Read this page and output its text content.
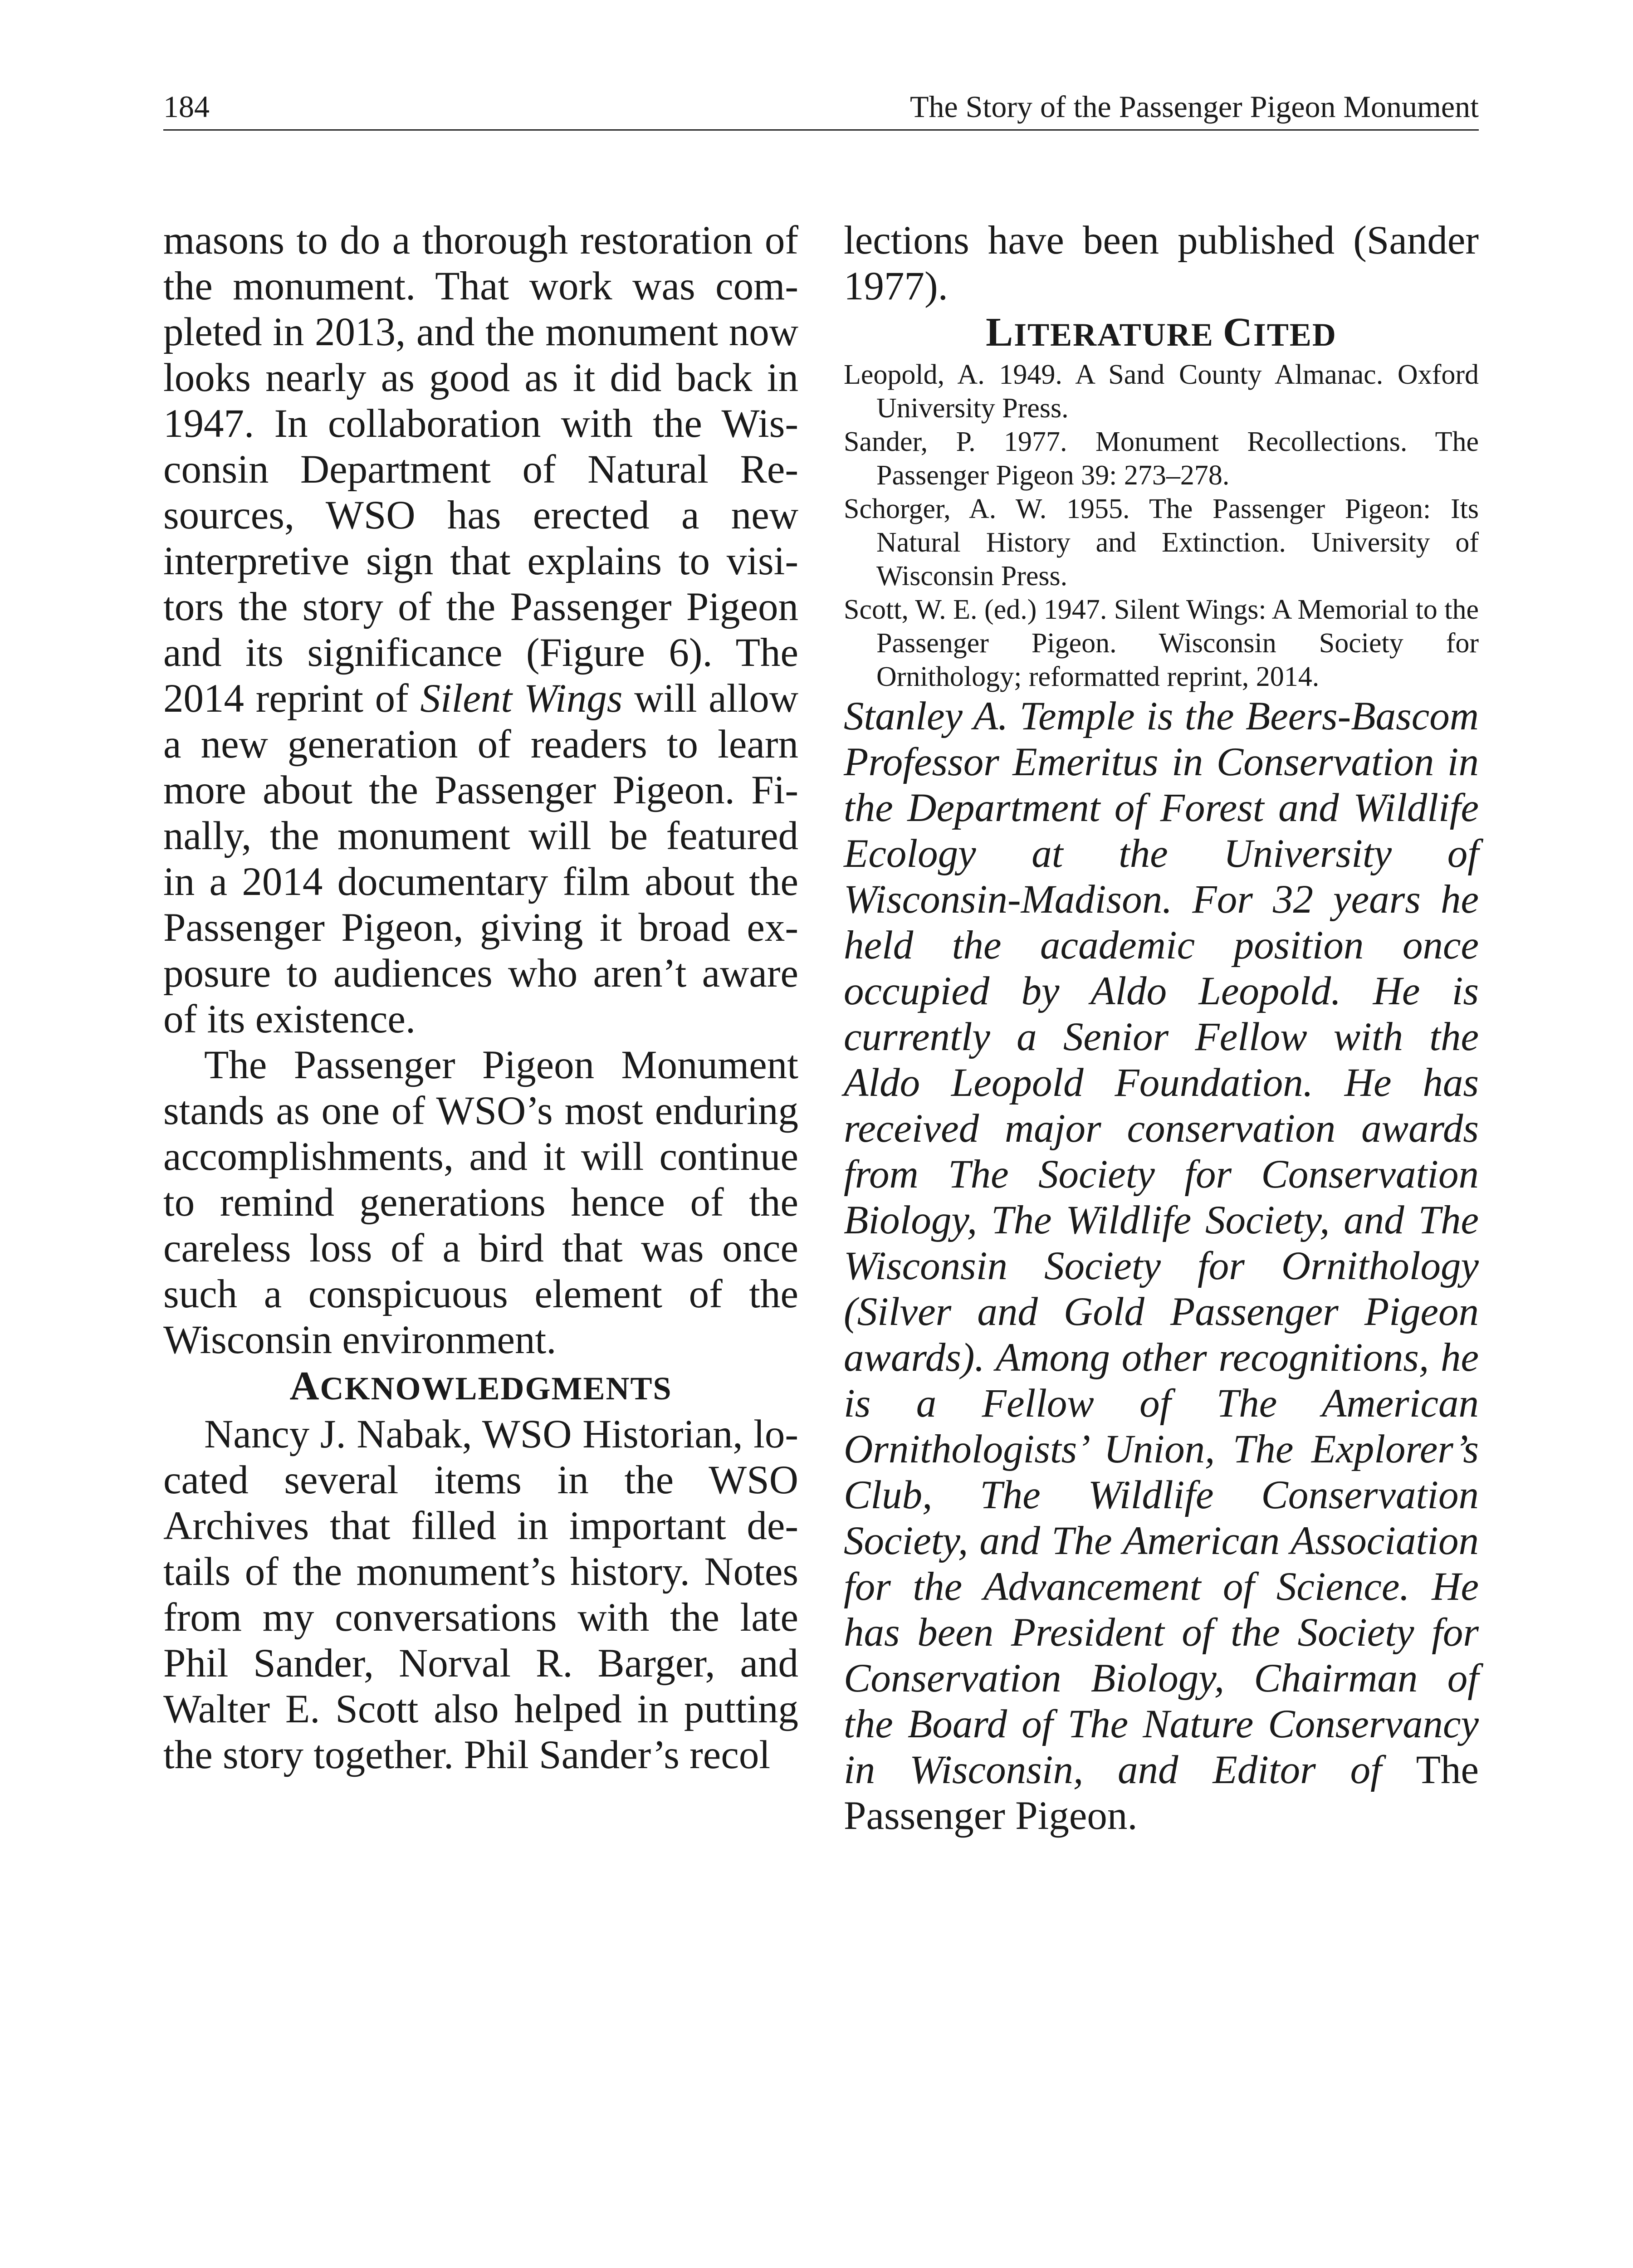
184	The Story of the Passenger Pigeon Monument

masons to do a thorough restoration of the monument. That work was completed in 2013, and the monument now looks nearly as good as it did back in 1947. In collaboration with the Wisconsin Department of Natural Resources, WSO has erected a new interpretive sign that explains to visitors the story of the Passenger Pigeon and its significance (Figure 6). The 2014 reprint of Silent Wings will allow a new generation of readers to learn more about the Passenger Pigeon. Finally, the monument will be featured in a 2014 documentary film about the Passenger Pigeon, giving it broad exposure to audiences who aren’t aware of its existence.

The Passenger Pigeon Monument stands as one of WSO’s most enduring accomplishments, and it will continue to remind generations hence of the careless loss of a bird that was once such a conspicuous element of the Wisconsin environment.

ACKNOWLEDGMENTS

Nancy J. Nabak, WSO Historian, located several items in the WSO Archives that filled in important details of the monument’s history. Notes from my conversations with the late Phil Sander, Norval R. Barger, and Walter E. Scott also helped in putting the story together. Phil Sander’s recol

lections have been published (Sander 1977).

LITERATURE CITED

Leopold, A. 1949. A Sand County Almanac. Oxford University Press.

Sander, P. 1977. Monument Recollections. The Passenger Pigeon 39: 273–278.

Schorger, A. W. 1955. The Passenger Pigeon: Its Natural History and Extinction. University of Wisconsin Press.

Scott, W. E. (ed.) 1947. Silent Wings: A Memorial to the Passenger Pigeon. Wisconsin Society for Ornithology; reformatted reprint, 2014.

Stanley A. Temple is the Beers-Bascom Professor Emeritus in Conservation in the Department of Forest and Wildlife Ecology at the University of Wisconsin-Madison. For 32 years he held the academic position once occupied by Aldo Leopold. He is currently a Senior Fellow with the Aldo Leopold Foundation. He has received major conservation awards from The Society for Conservation Biology, The Wildlife Society, and The Wisconsin Society for Ornithology (Silver and Gold Passenger Pigeon awards). Among other recognitions, he is a Fellow of The American Ornithologists’ Union, The Explorer’s Club, The Wildlife Conservation Society, and The American Association for the Advancement of Science. He has been President of the Society for Conservation Biology, Chairman of the Board of The Nature Conservancy in Wisconsin, and Editor of The Passenger Pigeon.
